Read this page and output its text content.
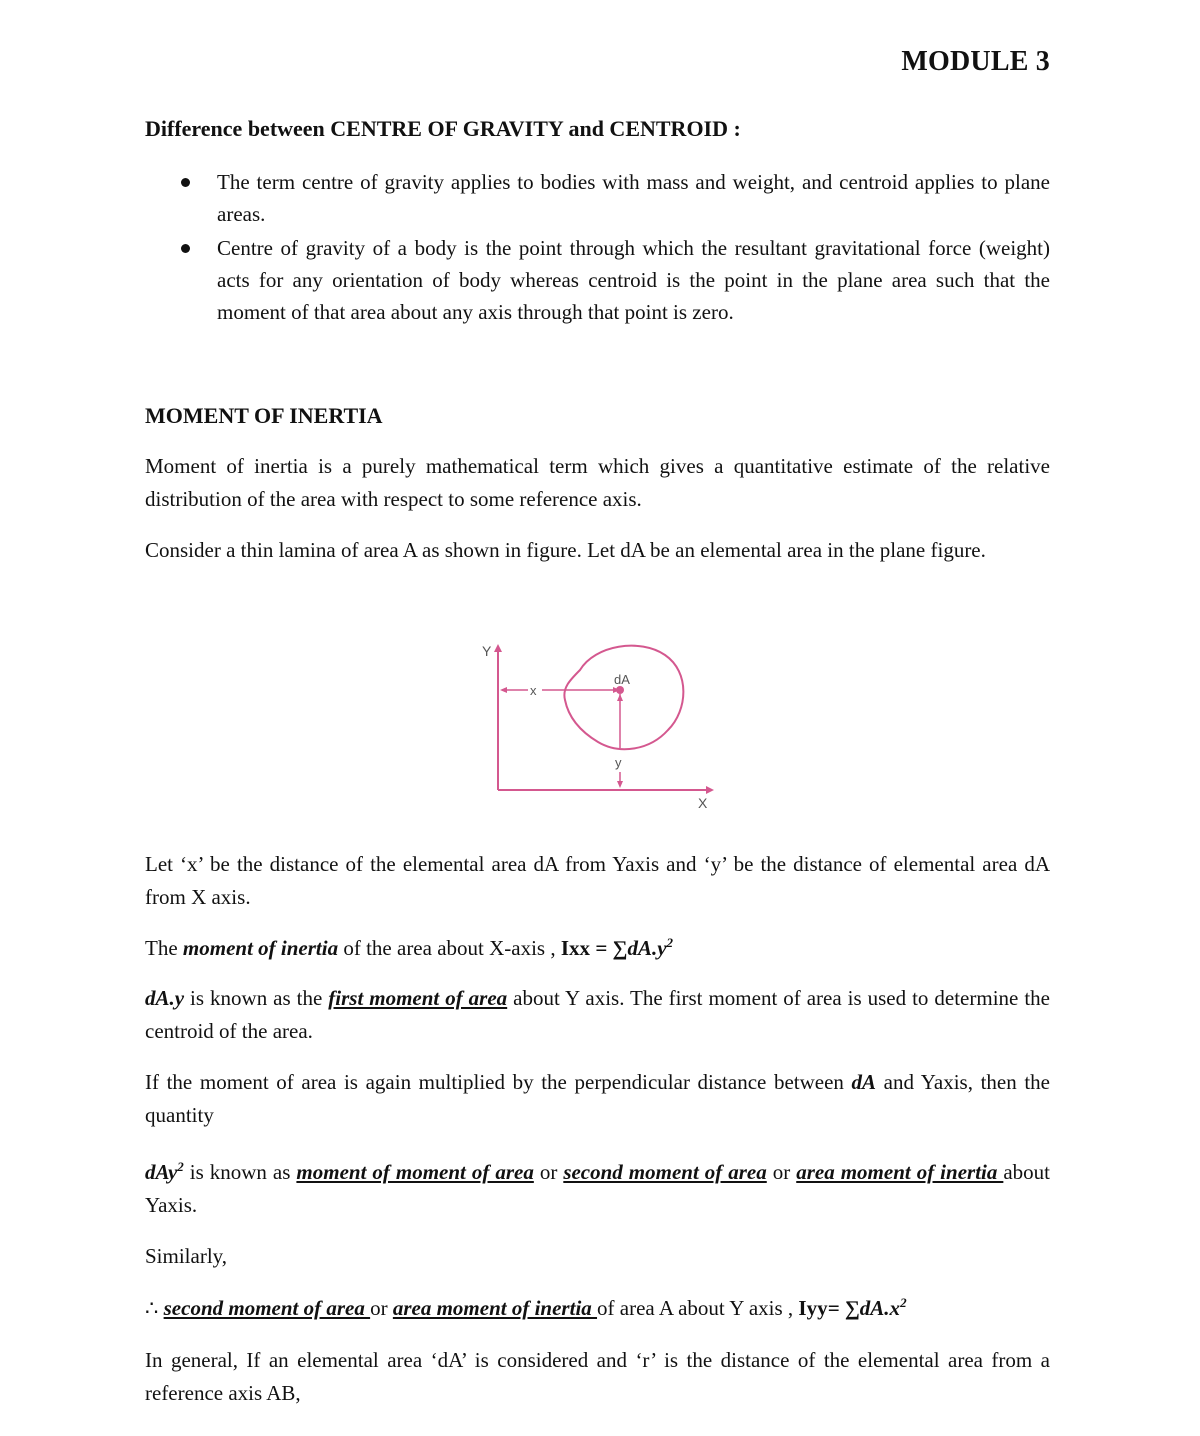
MODULE 3
Difference between CENTRE OF GRAVITY and CENTROID :
The term centre of gravity applies to bodies with mass and weight, and centroid applies to plane areas.
Centre of gravity of a body is the point through which the resultant gravitational force (weight) acts for any orientation of body whereas centroid is the point in the plane area such that the moment of that area about any axis through that point is zero.
MOMENT OF INERTIA
Moment of inertia is a purely mathematical term which gives a quantitative estimate of the relative distribution of the area with respect to some reference axis.
Consider a thin lamina of area A as shown in figure. Let dA be an elemental area in the plane figure.
Y
X
x
y
dA
Let ‘x’ be the distance of the elemental area dA from Yaxis and ‘y’ be the distance of elemental area dA from X axis.
The moment of inertia of the area about X-axis , Ixx = $\sum dA.y^2$
dA.y is known as the first moment of area about Y axis. The first moment of area is used to determine the centroid of the area.
If the moment of area is again multiplied by the perpendicular distance between dA and Yaxis, then the quantity
dAy$^2$ is known as moment of moment of area or second moment of area or area moment of inertia about Yaxis.
Similarly,
∴ second moment of area or area moment of inertia of area A about Y axis , $Iyy= \sum dA.x^2$
In general, If an elemental area ‘dA’ is considered and ‘r’ is the distance of the elemental area from a reference axis AB,
